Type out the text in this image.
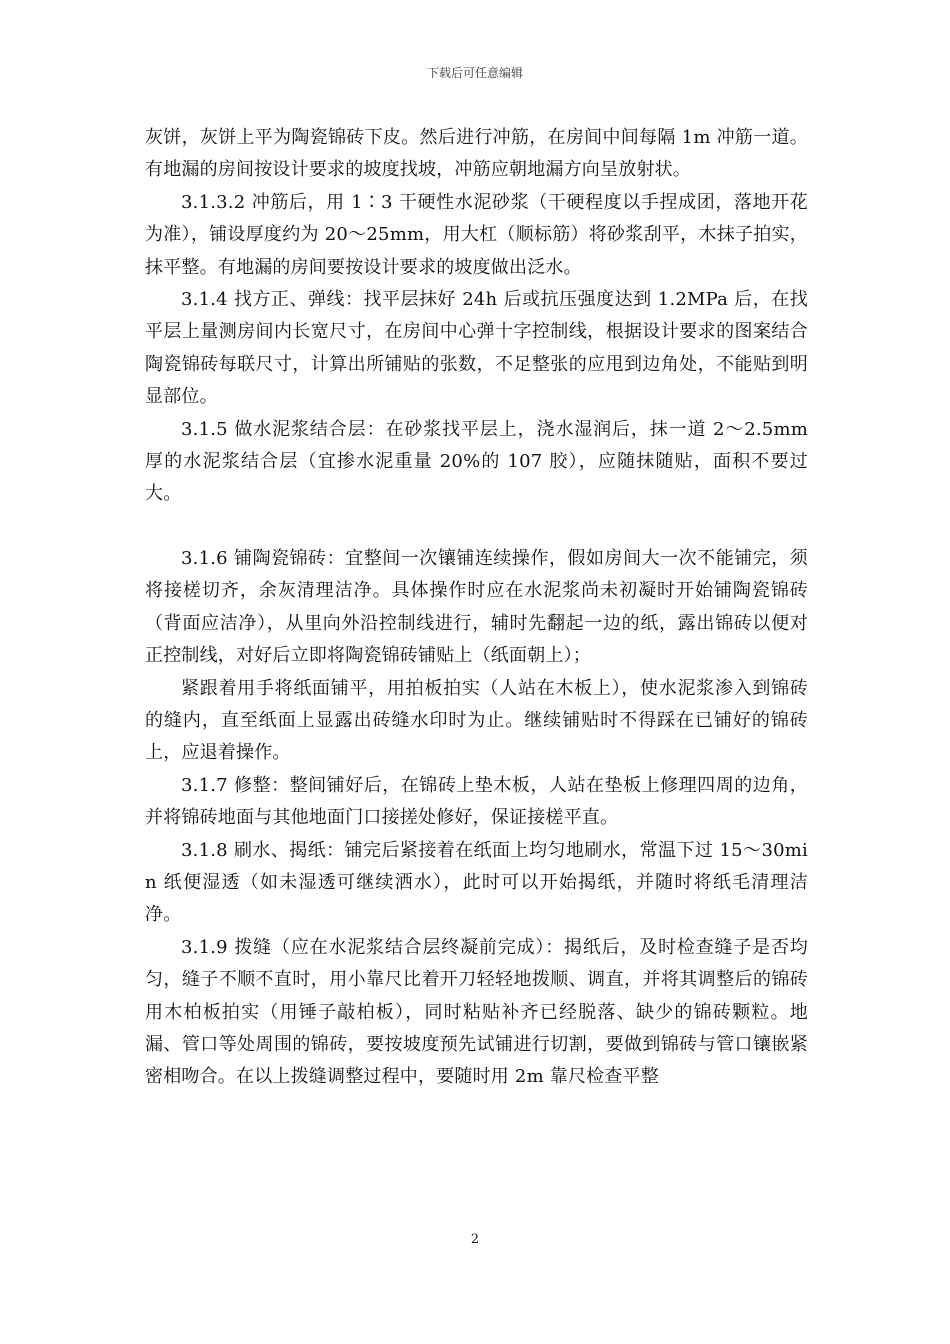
下载后可任意编辑

灰饼，灰饼上平为陶瓷锦砖下皮。然后进行冲筋，在房间中间每隔 1m 冲筋一道。有地漏的房间按设计要求的坡度找坡，冲筋应朝地漏方向呈放射状。

3.1.3.2 冲筋后，用 1∶3 干硬性水泥砂浆（干硬程度以手捏成团，落地开花为准），铺设厚度约为 20～25mm，用大杠（顺标筋）将砂浆刮平，木抹子拍实，抹平整。有地漏的房间要按设计要求的坡度做出泛水。

3.1.4 找方正、弹线：找平层抹好 24h 后或抗压强度达到 1.2MPa 后，在找平层上量测房间内长宽尺寸，在房间中心弹十字控制线，根据设计要求的图案结合陶瓷锦砖每联尺寸，计算出所铺贴的张数，不足整张的应甩到边角处，不能贴到明显部位。

3.1.5 做水泥浆结合层：在砂浆找平层上，浇水湿润后，抹一道 2～2.5mm 厚的水泥浆结合层（宜掺水泥重量 20%的 107 胶），应随抹随贴，面积不要过大。

3.1.6 铺陶瓷锦砖：宜整间一次镶铺连续操作，假如房间大一次不能铺完，须将接槎切齐，余灰清理洁净。具体操作时应在水泥浆尚未初凝时开始铺陶瓷锦砖（背面应洁净），从里向外沿控制线进行，辅时先翻起一边的纸，露出锦砖以便对正控制线，对好后立即将陶瓷锦砖铺贴上（纸面朝上）；

紧跟着用手将纸面铺平，用拍板拍实（人站在木板上），使水泥浆渗入到锦砖的缝内，直至纸面上显露出砖缝水印时为止。继续铺贴时不得踩在已铺好的锦砖上，应退着操作。

3.1.7 修整：整间铺好后，在锦砖上垫木板，人站在垫板上修理四周的边角，并将锦砖地面与其他地面门口接搓处修好，保证接槎平直。

3.1.8 刷水、揭纸：铺完后紧接着在纸面上均匀地刷水，常温下过 15～30min 纸便湿透（如未湿透可继续洒水），此时可以开始揭纸，并随时将纸毛清理洁净。

3.1.9 拨缝（应在水泥浆结合层终凝前完成）：揭纸后，及时检查缝子是否均匀，缝子不顺不直时，用小靠尺比着开刀轻轻地拨顺、调直，并将其调整后的锦砖用木柏板拍实（用锤子敲柏板），同时粘贴补齐已经脱落、缺少的锦砖颗粒。地漏、管口等处周围的锦砖，要按坡度预先试铺进行切割，要做到锦砖与管口镶嵌紧密相吻合。在以上拨缝调整过程中，要随时用 2m 靠尺检查平整

2
